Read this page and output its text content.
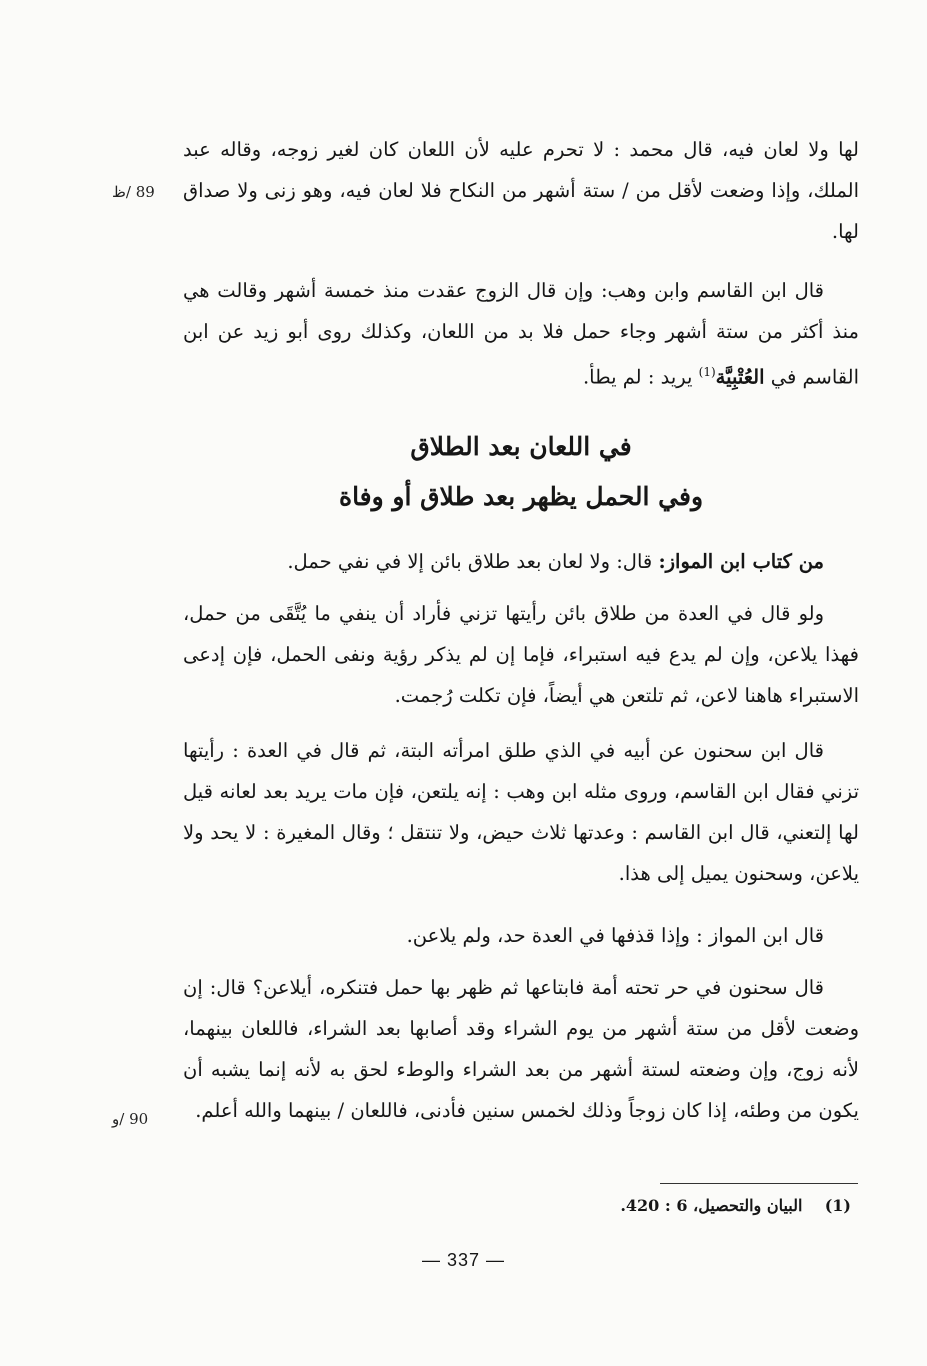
لها ولا لعان فيه، قال محمد : لا تحرم عليه لأن اللعان كان لغير زوجه، وقاله عبد الملك، وإذا وضعت لأقل من / ستة أشهر من النكاح فلا لعان فيه، وهو زنى ولا صداق لها.

89 /ظ

قال ابن القاسم وابن وهب: وإن قال الزوج عقدت منذ خمسة أشهر وقالت هي منذ أكثر من ستة أشهر وجاء حمل فلا بد من اللعان، وكذلك روى أبو زيد عن ابن القاسم في العُتْبِيَّة$^{(1)}$ يريد : لم يطأ.

في اللعان بعد الطلاق
وفي الحمل يظهر بعد طلاق أو وفاة

من كتاب ابن المواز: قال: ولا لعان بعد طلاق بائن إلا في نفي حمل.

ولو قال في العدة من طلاق بائن رأيتها تزني فأراد أن ينفي ما يُتَّقَى من حمل، فهذا يلاعن، وإن لم يدع فيه استبراء، فإما إن لم يذكر رؤية ونفى الحمل، فإن إدعى الاستبراء هاهنا لاعن، ثم تلتعن هي أيضاً، فإن تكلت رُجمت.

قال ابن سحنون عن أبيه في الذي طلق امرأته البتة، ثم قال في العدة : رأيتها تزني فقال ابن القاسم، وروى مثله ابن وهب : إنه يلتعن، فإن مات يريد بعد لعانه قيل لها إلتعني، قال ابن القاسم : وعدتها ثلاث حيض، ولا تنتقل ؛ وقال المغيرة : لا يحد ولا يلاعن، وسحنون يميل إلى هذا.

قال ابن المواز : وإذا قذفها في العدة حد، ولم يلاعن.

قال سحنون في حر تحته أمة فابتاعها ثم ظهر بها حمل فتنكره، أيلاعن؟ قال: إن وضعت لأقل من ستة أشهر من يوم الشراء وقد أصابها بعد الشراء، فاللعان بينهما، لأنه زوج، وإن وضعته لستة أشهر من بعد الشراء والوطء لحق به لأنه إنما يشبه أن يكون من وطئه، إذا كان زوجاً وذلك لخمس سنين فأدنى، فاللعان / بينهما والله أعلم.

90 /و
(1)    البيان والتحصيل، 6 : 420.
— 337 —
